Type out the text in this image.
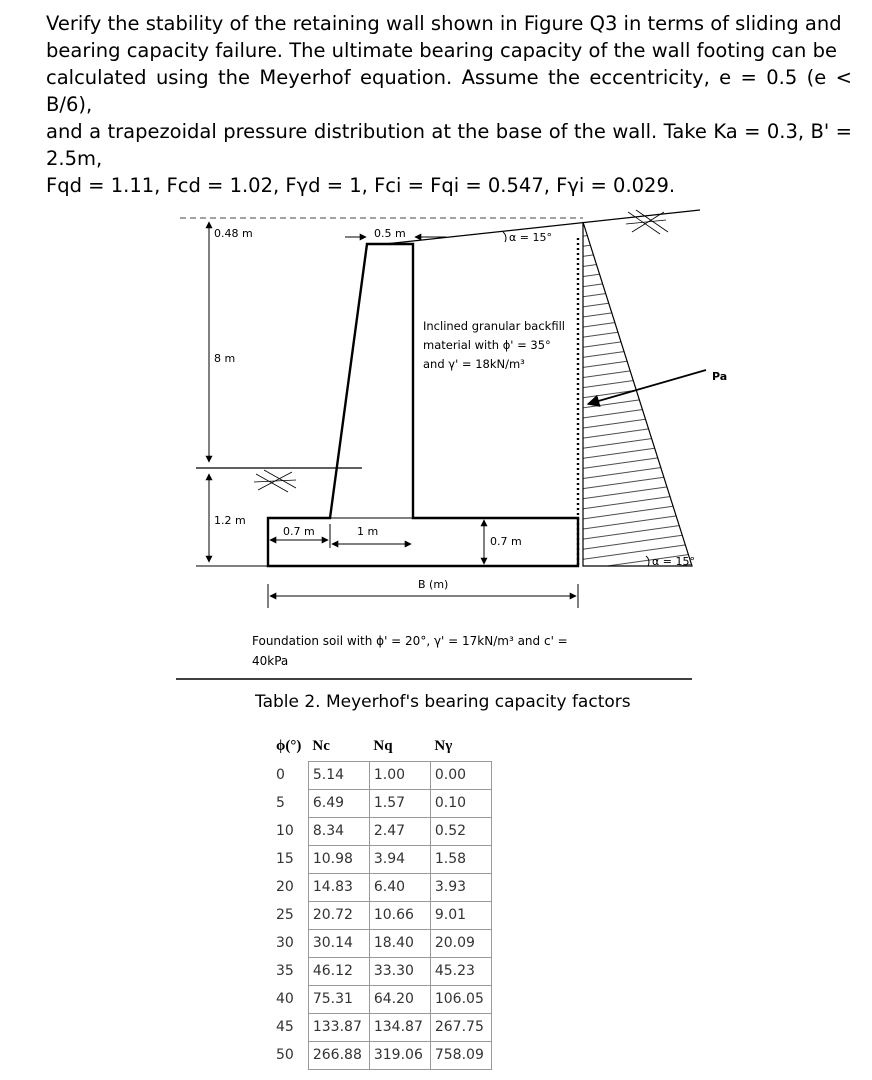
Verify the stability of the retaining wall shown in Figure Q3 in terms of sliding and
bearing capacity failure. The ultimate bearing capacity of the wall footing can be
calculated using the Meyerhof equation. Assume the eccentricity, e = 0.5 (e < B/6),
and a trapezoidal pressure distribution at the base of the wall. Take Ka = 0.3, B' = 2.5m,
Fqd = 1.11, Fcd = 1.02, Fγd = 1, Fci = Fqi = 0.547, Fγi = 0.029.
Pa
0.48 m
8 m
1.2 m
0.5 m	α = 15°
Inclined granular backfill
material with ϕ' = 35°
and γ' = 18kN/m³
0.7 m	1 m
0.7 m
α = 15°
B (m)
Foundation soil with ϕ' = 20°, γ' = 17kN/m³ and c' =
40kPa
Table 2. Meyerhof's bearing capacity factors
ϕ(°)	Nc	Nq	Nγ
0	5.14	1.00	0.00
5	6.49	1.57	0.10
10	8.34	2.47	0.52
15	10.98	3.94	1.58
20	14.83	6.40	3.93
25	20.72	10.66	9.01
30	30.14	18.40	20.09
35	46.12	33.30	45.23
40	75.31	64.20	106.05
45	133.87	134.87	267.75
50	266.88	319.06	758.09
